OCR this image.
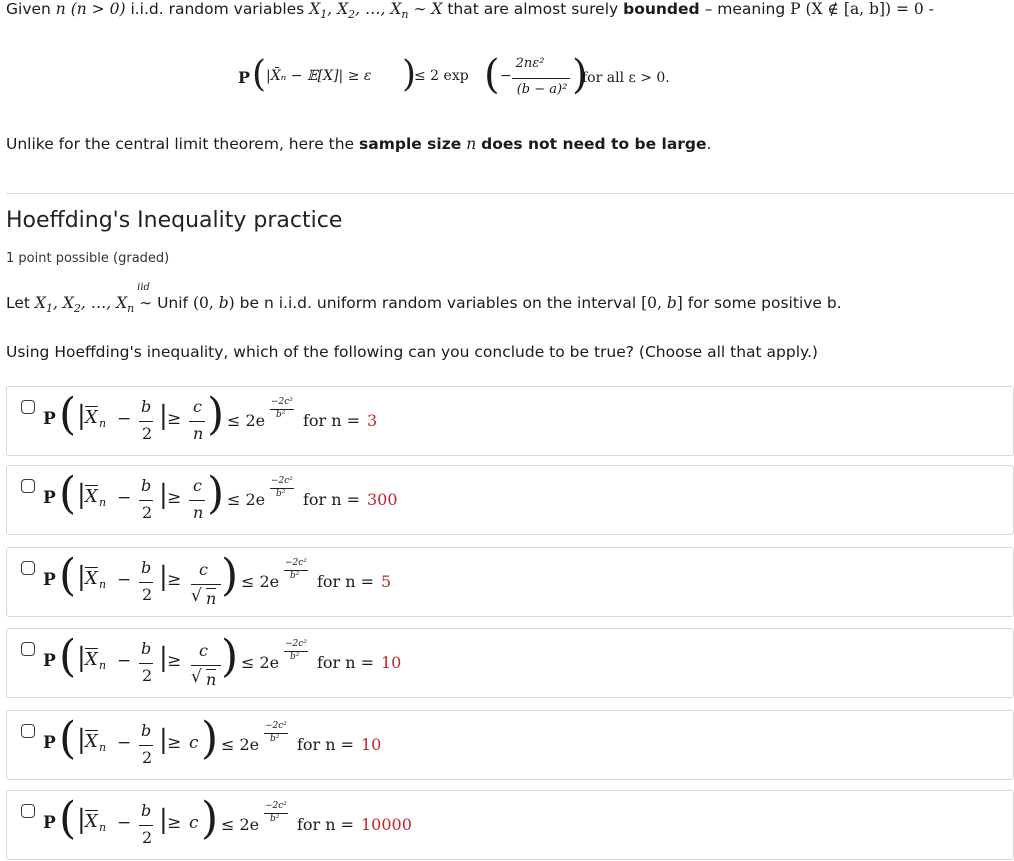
Given n (n > 0) i.i.d. random variables $X_1$, $X_2$, …, $X_n$ ∼ X that are almost surely bounded – meaning P (X ∉ [a, b]) = 0 -
P ( |X̄ₙ − 𝔼[X]| ≥ ε )
≤ 2 exp ( −
2nε²
(b − a)² )
for all ε > 0.
Unlike for the central limit theorem, here the sample size n does not need to be large.
Hoeffding's Inequality practice
1 point possible (graded)
Let $X_1$, $X_2$, …, $X_n$ ∼
iid
Unif (0, b) be n i.i.d. uniform random variables on the interval [0, b] for some positive b.
Using Hoeffding's inequality, which of the following can you conclude to be true? (Choose all that apply.)
P ( | $\overline{X}$ n −
b
2
| ≥
c
n ) ≤ 2e
−2c²
b² for n = 3
P ( | $\overline{X}$ n −
b
2
| ≥
c
n ) ≤ 2e
−2c²
b² for n = 300
P ( | $\overline{X}$ n −
b
2
| ≥
c
√ n ) ≤ 2e
−2c²
b² for n = 5
P ( | $\overline{X}$ n −
b
2
| ≥
c
√ n ) ≤ 2e
−2c²
b² for n = 10
P ( | $\overline{X}$ n −
b
2
| ≥ c ) ≤ 2e
−2c²
b² for n = 10
P ( | $\overline{X}$ n −
b
2
| ≥ c ) ≤ 2e
−2c²
b² for n = 10000
